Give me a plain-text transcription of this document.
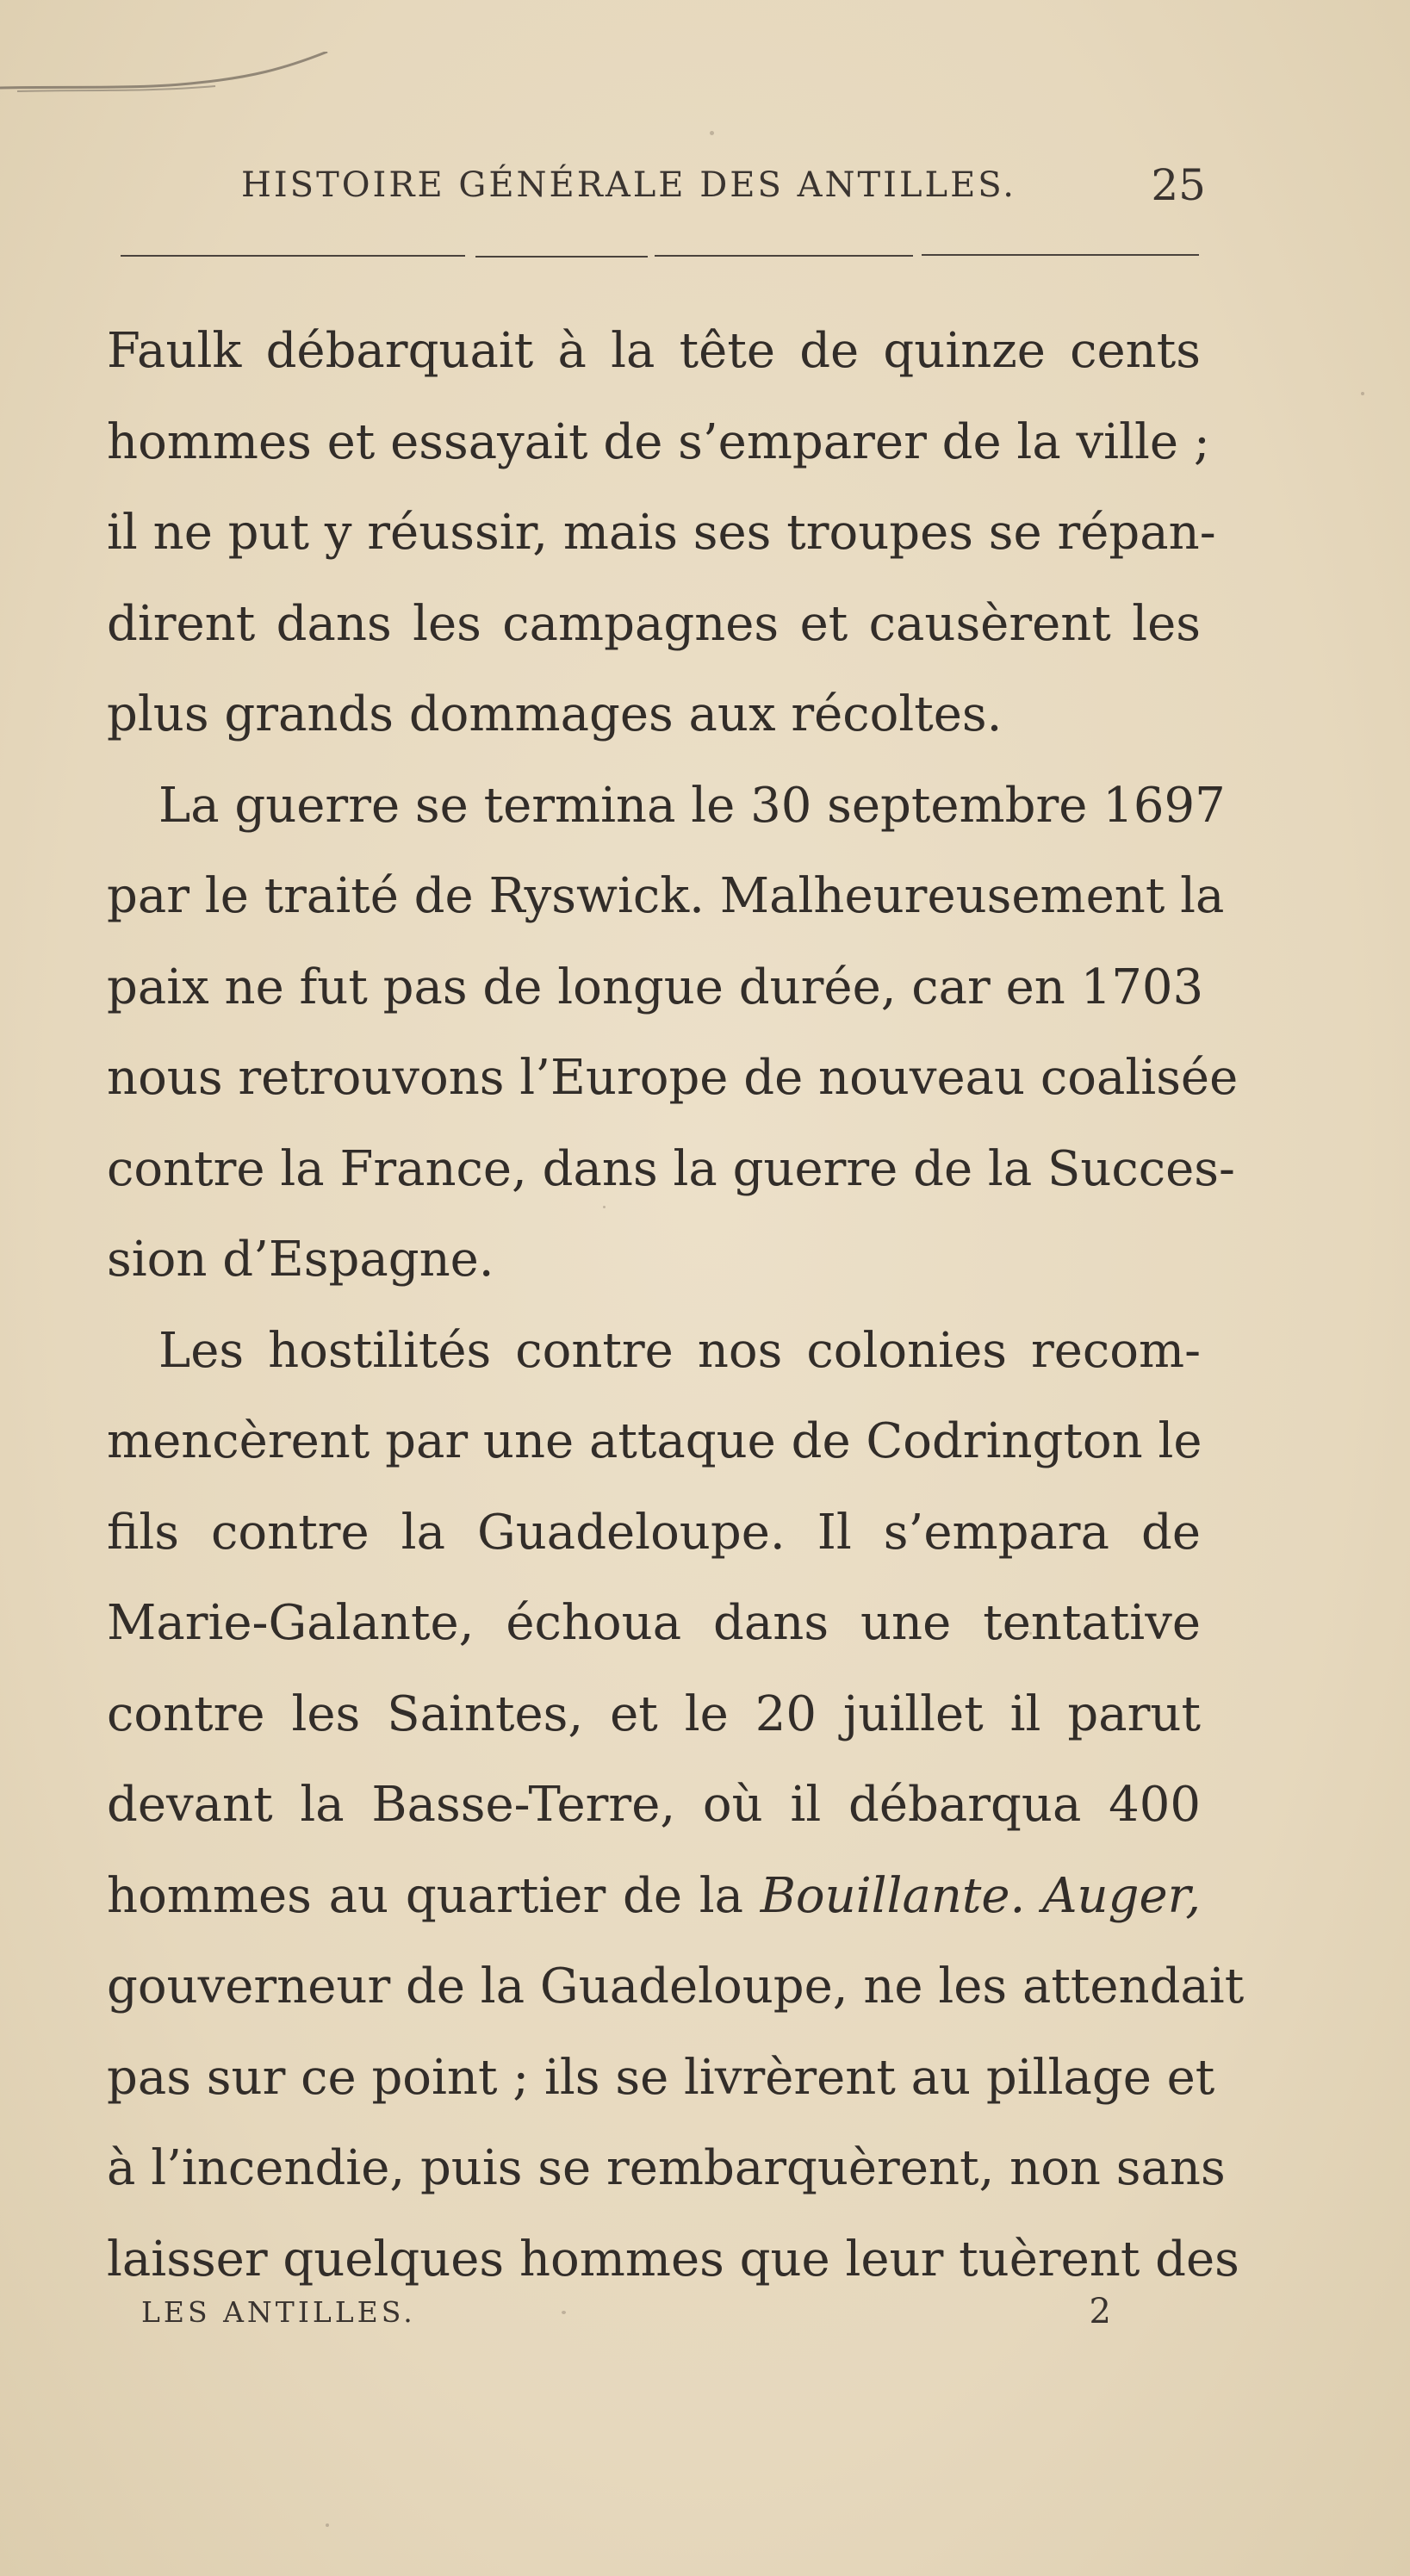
HISTOIRE GÉNÉRALE DES ANTILLES.	25
Faulk débarquait à la tête de quinze cents
hommes et essayait de s’emparer de la ville ;
il ne put y réussir, mais ses troupes se répan-
dirent dans les campagnes et causèrent les
plus grands dommages aux récoltes.
La guerre se termina le 30 septembre 1697
par le traité de Ryswick. Malheureusement la
paix ne fut pas de longue durée, car en 1703
nous retrouvons l’Europe de nouveau coalisée
contre la France, dans la guerre de la Succes-
sion d’Espagne.
Les hostilités contre nos colonies recom-
mencèrent par une attaque de Codrington le
fils contre la Guadeloupe. Il s’empara de
Marie-Galante, échoua dans une tentative
contre les Saintes, et le 20 juillet il parut
devant la Basse-Terre, où il débarqua 400
hommes au quartier de la Bouillante. Auger,
gouverneur de la Guadeloupe, ne les attendait
pas sur ce point ; ils se livrèrent au pillage et
à l’incendie, puis se rembarquèrent, non sans
laisser quelques hommes que leur tuèrent des
LES ANTILLES.	2
